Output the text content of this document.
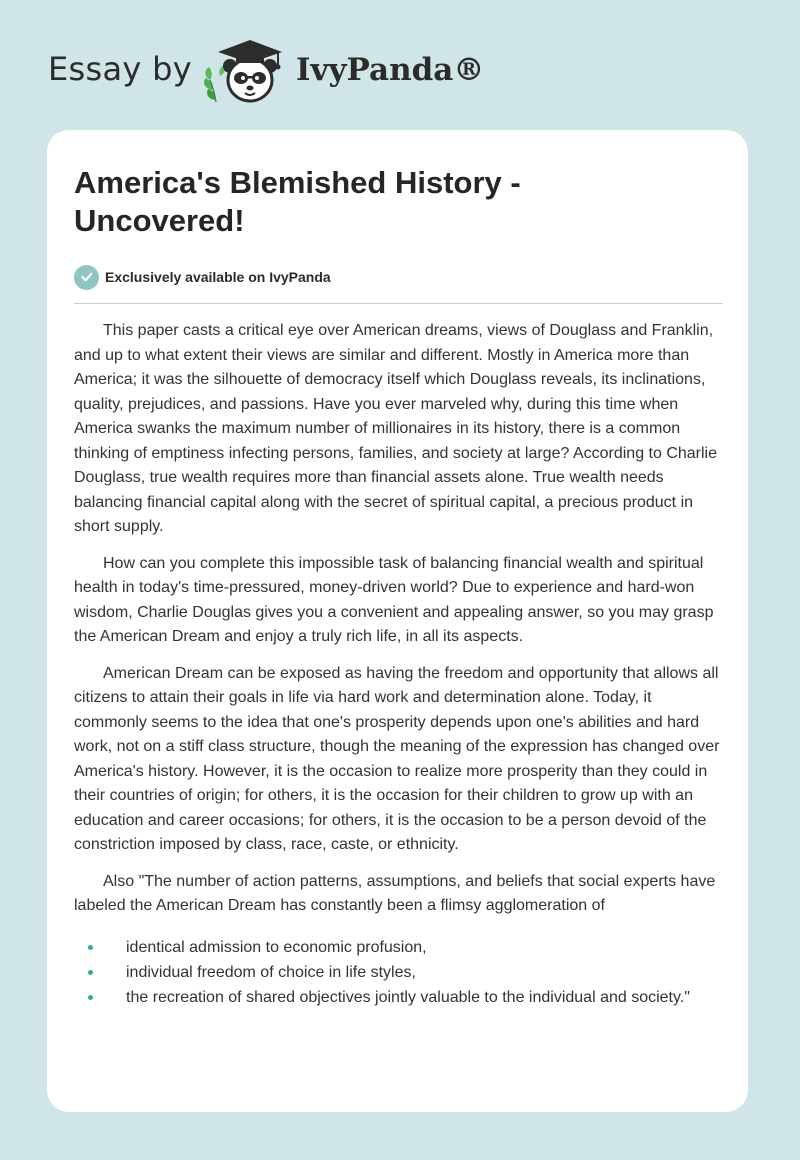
Essay by	IvyPanda®
America's Blemished History - Uncovered!
Exclusively available on IvyPanda

This paper casts a critical eye over American dreams, views of Douglass and Franklin, and up to what extent their views are similar and different. Mostly in America more than America; it was the silhouette of democracy itself which Douglass reveals, its inclinations, quality, prejudices, and passions. Have you ever marveled why, during this time when America swanks the maximum number of millionaires in its history, there is a common thinking of emptiness infecting persons, families, and society at large? According to Charlie Douglass, true wealth requires more than financial assets alone. True wealth needs balancing financial capital along with the secret of spiritual capital, a precious product in short supply.

How can you complete this impossible task of balancing financial wealth and spiritual health in today's time-pressured, money-driven world? Due to experience and hard-won wisdom, Charlie Douglas gives you a convenient and appealing answer, so you may grasp the American Dream and enjoy a truly rich life, in all its aspects.

American Dream can be exposed as having the freedom and opportunity that allows all citizens to attain their goals in life via hard work and determination alone. Today, it commonly seems to the idea that one's prosperity depends upon one's abilities and hard work, not on a stiff class structure, though the meaning of the expression has changed over America's history. However, it is the occasion to realize more prosperity than they could in their countries of origin; for others, it is the occasion for their children to grow up with an education and career occasions; for others, it is the occasion to be a person devoid of the constriction imposed by class, race, caste, or ethnicity.

Also "The number of action patterns, assumptions, and beliefs that social experts have labeled the American Dream has constantly been a flimsy agglomeration of

identical admission to economic profusion,
individual freedom of choice in life styles,
the recreation of shared objectives jointly valuable to the individual and society."
